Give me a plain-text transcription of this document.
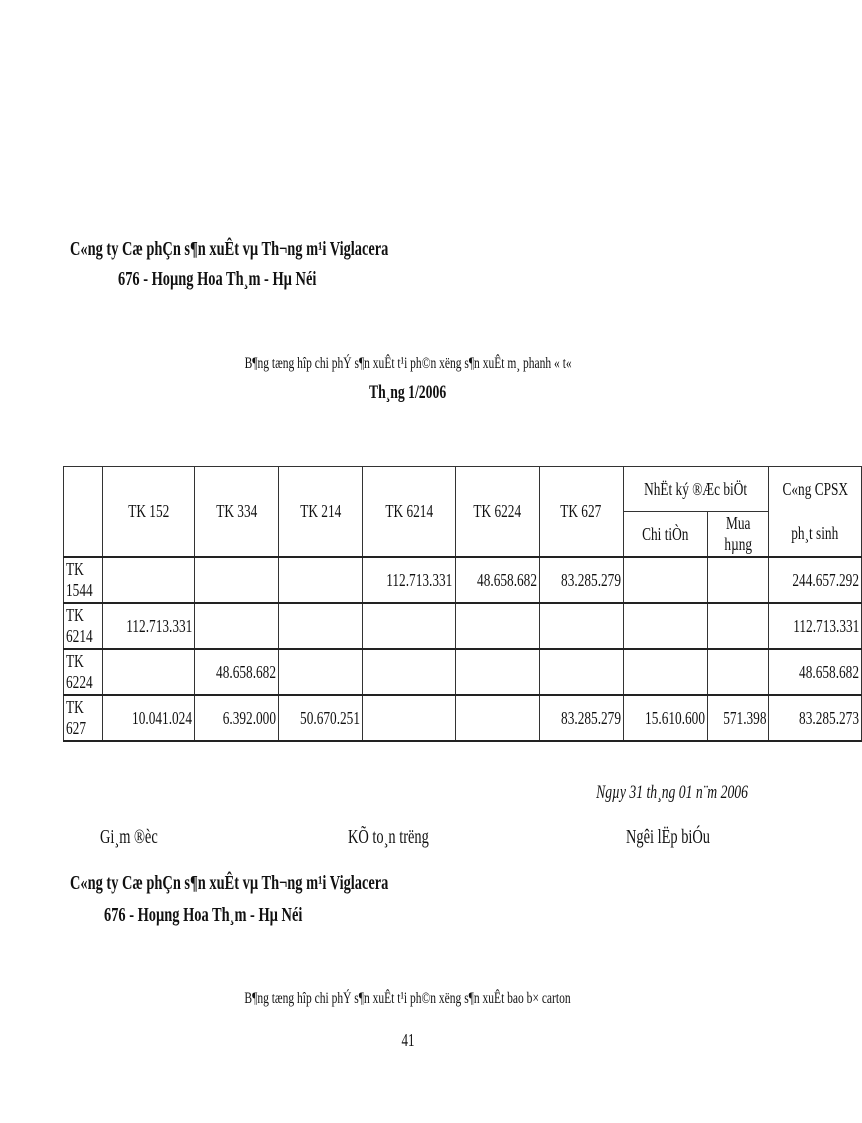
C«ng ty Cæ phÇn s¶n xuÊt vµ Th¬ng m¹i Viglacera
676 - Hoµng Hoa Th¸m - Hµ Néi
B¶ng tæng hîp chi phÝ s¶n xuÊt t¹i ph©n xëng s¶n xuÊt m¸ phanh « t«
Th¸ng 1/2006
	TK 152	TK 334	TK 214	TK 6214	TK 6224	TK 627	NhËt ký ®Æc biÖt		C«ng CPSX
							Chi tiÒn	Mua hµng	ph¸t sinh
TK 1544				112.713.331	48.658.682	83.285.279			244.657.292
TK 6214	112.713.331								112.713.331
TK 6224		48.658.682							48.658.682
TK 627	10.041.024	6.392.000	50.670.251			83.285.279	15.610.600	571.398	83.285.273
Ngµy 31 th¸ng 01 n¨m 2006
Gi¸m ®èc	KÕ to¸n trëng	Ngêi lËp biÓu
C«ng ty Cæ phÇn s¶n xuÊt vµ Th¬ng m¹i Viglacera
676 - Hoµng Hoa Th¸m - Hµ Néi
B¶ng tæng hîp chi phÝ s¶n xuÊt t¹i ph©n xëng s¶n xuÊt bao b× carton
41
